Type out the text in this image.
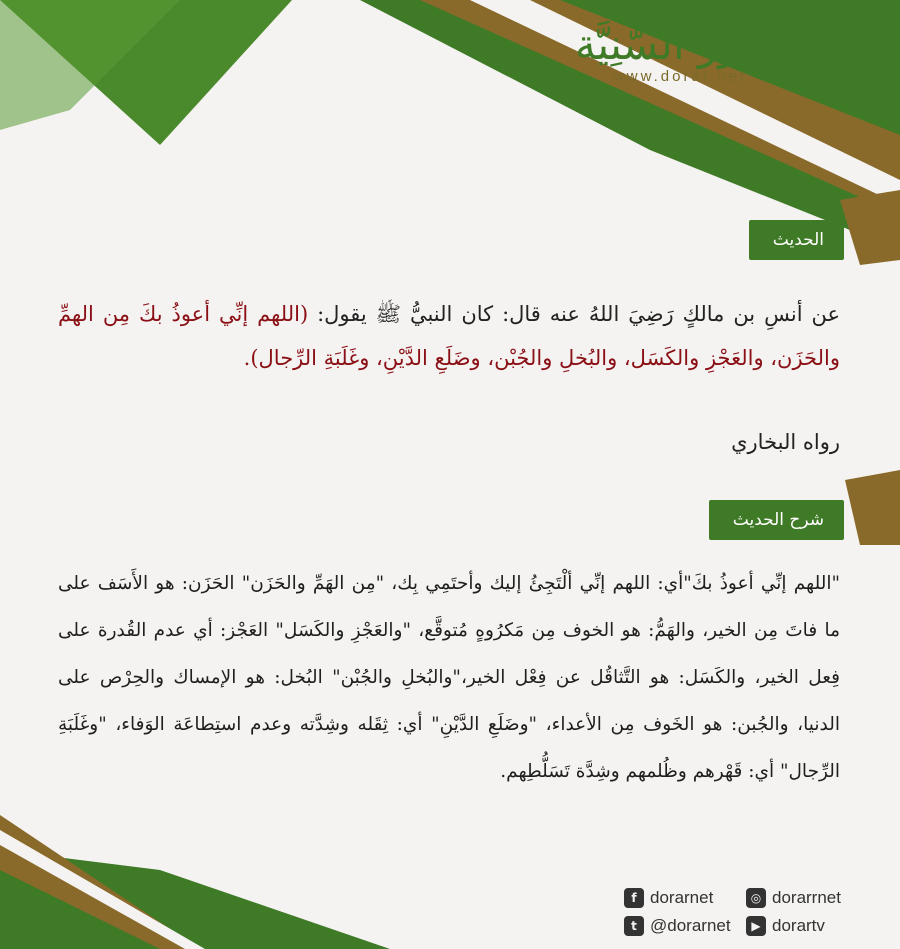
الدُّرَرُ السَّنِيَّة
www.dorar.net
الحديث
عن أنسِ بن مالكٍ رَضِيَ اللهُ عنه قال: كان النبيُّ ﷺ يقول: (اللهم إنِّي أعوذُ بكَ مِن الهمِّ والحَزَن، والعَجْزِ والكَسَل، والبُخلِ والجُبْن، وضَلَعِ الدَّيْنِ، وغَلَبَةِ الرِّجال).
رواه البخاري
شرح الحديث
"اللهم إنِّي أعوذُ بكَ"أي: اللهم إنِّي ألْتَجِئُ إليك وأحتَمِي بِك، "مِن الهَمِّ والحَزَن" الحَزَن: هو الأَسَف على ما فاتَ مِن الخير، والهَمُّ: هو الخوف مِن مَكرُوهٍ مُتوقَّع، "والعَجْزِ والكَسَل" العَجْز: أي عدم القُدرة على فِعل الخير، والكَسَل: هو التَّثاقُل عن فِعْل الخير،"والبُخلِ والجُبْن" البُخل: هو الإمساك والحِرْص على الدنيا، والجُبن: هو الخَوف مِن الأعداء، "وضَلَعِ الدَّيْنِ" أي: ثِقَله وشِدَّته وعدم استِطاعَة الوَفاء، "وغَلَبَةِ الرِّجال" أي: قَهْرهم وظُلمهم وشِدَّة تَسَلُّطِهم.
f dorarnet
t @dorarnet
◎ dorarrnet
▶ dorartv
